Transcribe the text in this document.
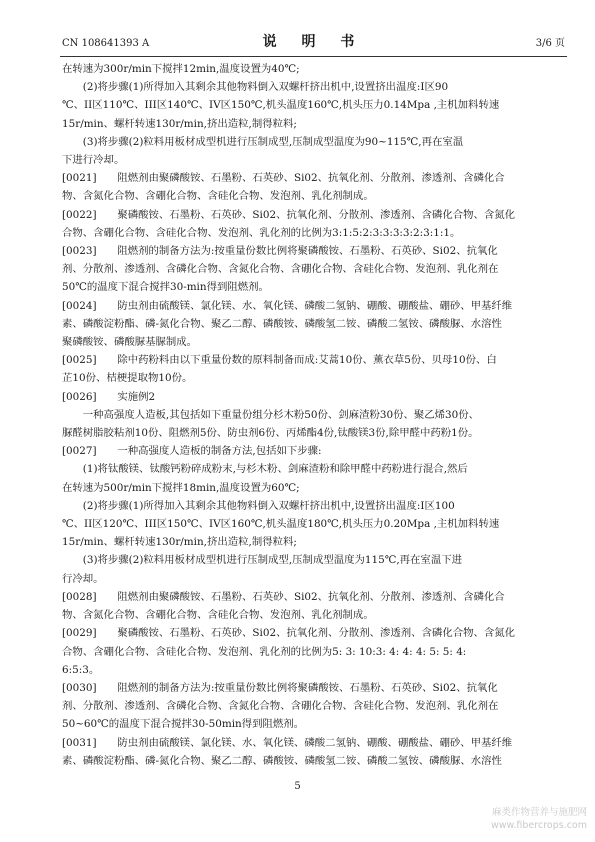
CN 108641393 A	说 明 书	3/6 页

在转速为300r/min下搅拌12min,温度设置为40℃;

　　(2)将步骤(1)所得加入其剩余其他物料倒入双螺杆挤出机中,设置挤出温度:I区90

℃、II区110℃、III区140℃、IV区150℃,机头温度160℃,机头压力0.14Mpa ,主机加料转速

15r/min、螺杆转速130r/min,挤出造粒,制得粒料;

　　(3)将步骤(2)粒料用板材成型机进行压制成型,压制成型温度为90~115℃,再在室温

下进行冷却。

[0021]　　阻燃剂由聚磷酸铵、石墨粉、石英砂、Si02、抗氧化剂、分散剂、渗透剂、含磷化合

物、含氮化合物、含硼化合物、含硅化合物、发泡剂、乳化剂制成。

[0022]　　聚磷酸铵、石墨粉、石英砂、Si02、抗氧化剂、分散剂、渗透剂、含磷化合物、含氮化

合物、含硼化合物、含硅化合物、发泡剂、乳化剂的比例为3:1:5:2:3:3:3:3:2:3:1:1。

[0023]　　阻燃剂的制备方法为:按重量份数比例将聚磷酸铵、石墨粉、石英砂、Si02、抗氧化

剂、分散剂、渗透剂、含磷化合物、含氮化合物、含硼化合物、含硅化合物、发泡剂、乳化剂在

50℃的温度下混合搅拌30-min得到阻燃剂。

[0024]　　防虫剂由硫酸镁、氯化镁、水、氧化镁、磷酸二氢钠、硼酸、硼酸盐、硼砂、甲基纤维

素、磷酸淀粉酯、磷-氮化合物、聚乙二醇、磷酸铵、磷酸氢二铵、磷酸二氢铵、磷酸脲、水溶性

聚磷酸铵、磷酸脲基脲制成。

[0025]　　除中药粉料由以下重量份数的原料制备而成:艾蒿10份、薰衣草5份、贝母10份、白

芷10份、桔梗提取物10份。

[0026]　　实施例2

　　一种高强度人造板,其包括如下重量份组分杉木粉50份、剑麻渣粉30份、聚乙烯30份、

脲醛树脂胶粘剂10份、阻燃剂5份、防虫剂6份、丙烯酯4份,钛酸镁3份,除甲醛中药粉1份。

[0027]　　一种高强度人造板的制备方法,包括如下步骤:

　　(1)将钛酸镁、钛酸钙粉碎成粉末,与杉木粉、剑麻渣粉和除甲醛中药粉进行混合,然后

在转速为500r/min下搅拌18min,温度设置为60℃;

　　(2)将步骤(1)所得加入其剩余其他物料倒入双螺杆挤出机中,设置挤出温度:I区100

℃、II区120℃、III区150℃、IV区160℃,机头温度180℃,机头压力0.20Mpa ,主机加料转速

15r/min、螺杆转速130r/min,挤出造粒,制得粒料;

　　(3)将步骤(2)粒料用板材成型机进行压制成型,压制成型温度为115℃,再在室温下进

行冷却。

[0028]　　阻燃剂由聚磷酸铵、石墨粉、石英砂、Si02、抗氧化剂、分散剂、渗透剂、含磷化合

物、含氮化合物、含硼化合物、含硅化合物、发泡剂、乳化剂制成。

[0029]　　聚磷酸铵、石墨粉、石英砂、Si02、抗氧化剂、分散剂、渗透剂、含磷化合物、含氮化

合物、含硼化合物、含硅化合物、发泡剂、乳化剂的比例为5: 3: 10:3: 4: 4: 4: 5: 5: 4:

6:5:3。

[0030]　　阻燃剂的制备方法为:按重量份数比例将聚磷酸铵、石墨粉、石英砂、Si02、抗氧化

剂、分散剂、渗透剂、含磷化合物、含氮化合物、含硼化合物、含硅化合物、发泡剂、乳化剂在

50~60℃的温度下混合搅拌30-50min得到阻燃剂。

[0031]　　防虫剂由硫酸镁、氯化镁、水、氧化镁、磷酸二氢钠、硼酸、硼酸盐、硼砂、甲基纤维

素、磷酸淀粉酯、磷-氮化合物、聚乙二醇、磷酸铵、磷酸氢二铵、磷酸二氢铵、磷酸脲、水溶性

5
麻类作物营养与施肥网
www.fibercrops.com
